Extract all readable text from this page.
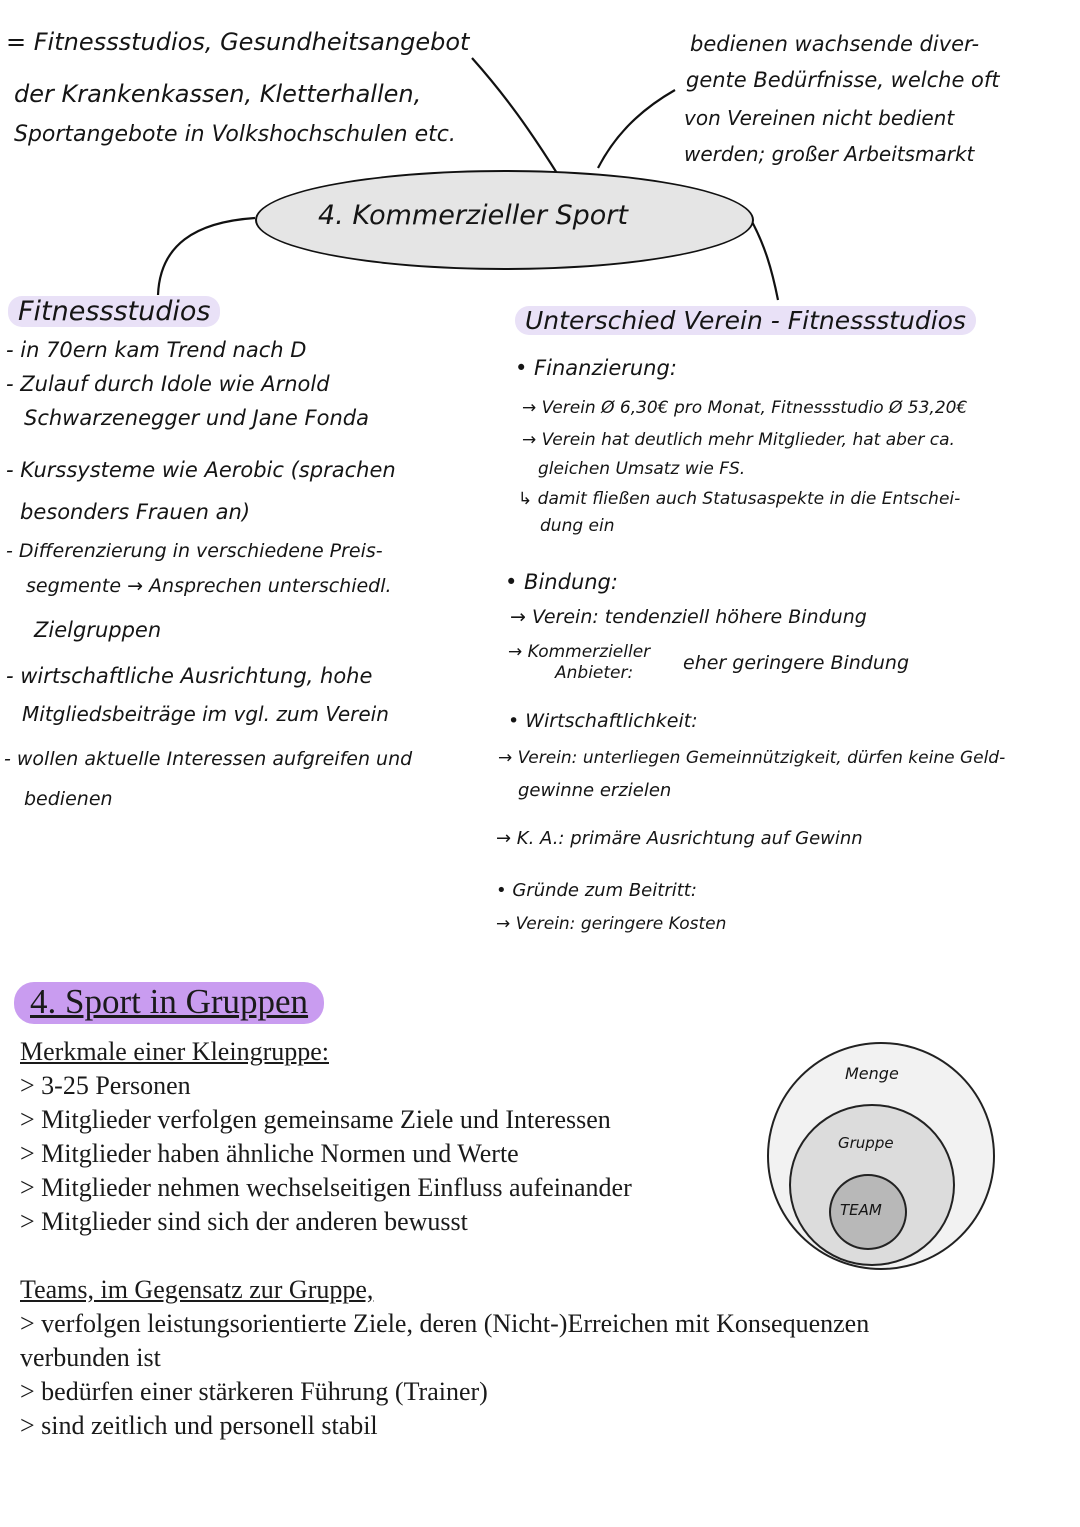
= Fitnessstudios, Gesundheitsangebot
der Krankenkassen, Kletterhallen,
Sportangebote in Volkshochschulen etc.
bedienen wachsende diver-
gente Bedürfnisse, welche oft
von Vereinen nicht bedient
werden; großer Arbeitsmarkt
4. Kommerzieller Sport
Fitnessstudios
- in 70ern kam Trend nach D
- Zulauf durch Idole wie Arnold
Schwarzenegger und Jane Fonda
- Kurssysteme wie Aerobic (sprachen
besonders Frauen an)
- Differenzierung in verschiedene Preis-
segmente → Ansprechen unterschiedl.
Zielgruppen
- wirtschaftliche Ausrichtung, hohe
Mitgliedsbeiträge im vgl. zum Verein
- wollen aktuelle Interessen aufgreifen und
bedienen
Unterschied Verein - Fitnessstudios
• Finanzierung:
→ Verein Ø 6,30€ pro Monat, Fitnessstudio Ø 53,20€
→ Verein hat deutlich mehr Mitglieder, hat aber ca.
gleichen Umsatz wie FS.
↳ damit fließen auch Statusaspekte in die Entschei-
dung ein
• Bindung:
→ Verein: tendenziell höhere Bindung
→ Kommerzieller
Anbieter:	eher geringere Bindung
• Wirtschaftlichkeit:
→ Verein: unterliegen Gemeinnützigkeit, dürfen keine Geld-
gewinne erzielen
→ K. A.: primäre Ausrichtung auf Gewinn
• Gründe zum Beitritt:
→ Verein: geringere Kosten
4. Sport in Gruppen
Merkmale einer Kleingruppe:
> 3-25 Personen
> Mitglieder verfolgen gemeinsame Ziele und Interessen
> Mitglieder haben ähnliche Normen und Werte
> Mitglieder nehmen wechselseitigen Einfluss aufeinander
> Mitglieder sind sich der anderen bewusst
Teams, im Gegensatz zur Gruppe,
> verfolgen leistungsorientierte Ziele, deren (Nicht-)Erreichen mit Konsequenzen
verbunden ist
> bedürfen einer stärkeren Führung (Trainer)
> sind zeitlich und personell stabil
Menge
Gruppe
TEAM
